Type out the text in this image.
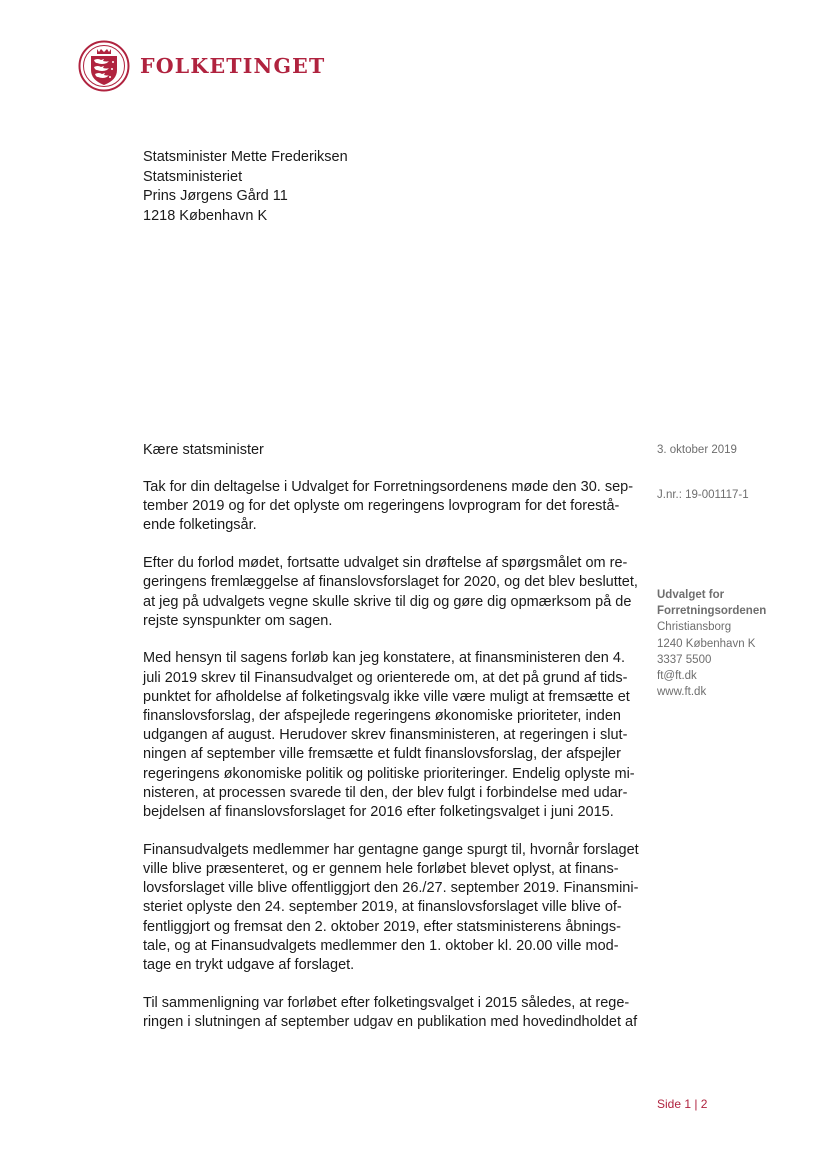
FOLKETINGET
Statsminister Mette Frederiksen
Statsministeriet
Prins Jørgens Gård 11
1218 København K
Kære statsminister	3. oktober 2019
J.nr.: 19-001117-1
Udvalget for
Forretningsordenen
Christiansborg
1240 København K
3337 5500
ft@ft.dk
www.ft.dk

Tak for din deltagelse i Udvalget for Forretningsordenens møde den 30. sep-
tember 2019 og for det oplyste om regeringens lovprogram for det forestå-
ende folketingsår.

Efter du forlod mødet, fortsatte udvalget sin drøftelse af spørgsmålet om re-
geringens fremlæggelse af finanslovsforslaget for 2020, og det blev besluttet,
at jeg på udvalgets vegne skulle skrive til dig og gøre dig opmærksom på de
rejste synspunkter om sagen.

Med hensyn til sagens forløb kan jeg konstatere, at finansministeren den 4.
juli 2019 skrev til Finansudvalget og orienterede om, at det på grund af tids-
punktet for afholdelse af folketingsvalg ikke ville være muligt at fremsætte et
finanslovsforslag, der afspejlede regeringens økonomiske prioriteter, inden
udgangen af august. Herudover skrev finansministeren, at regeringen i slut-
ningen af september ville fremsætte et fuldt finanslovsforslag, der afspejler
regeringens økonomiske politik og politiske prioriteringer. Endelig oplyste mi-
nisteren, at processen svarede til den, der blev fulgt i forbindelse med udar-
bejdelsen af finanslovsforslaget for 2016 efter folketingsvalget i juni 2015.

Finansudvalgets medlemmer har gentagne gange spurgt til, hvornår forslaget
ville blive præsenteret, og er gennem hele forløbet blevet oplyst, at finans-
lovsforslaget ville blive offentliggjort den 26./27. september 2019. Finansmini-
steriet oplyste den 24. september 2019, at finanslovsforslaget ville blive of-
fentliggjort og fremsat den 2. oktober 2019, efter statsministerens åbnings-
tale, og at Finansudvalgets medlemmer den 1. oktober kl. 20.00 ville mod-
tage en trykt udgave af forslaget.

Til sammenligning var forløbet efter folketingsvalget i 2015 således, at rege-
ringen i slutningen af september udgav en publikation med hovedindholdet af

Side 1 | 2
